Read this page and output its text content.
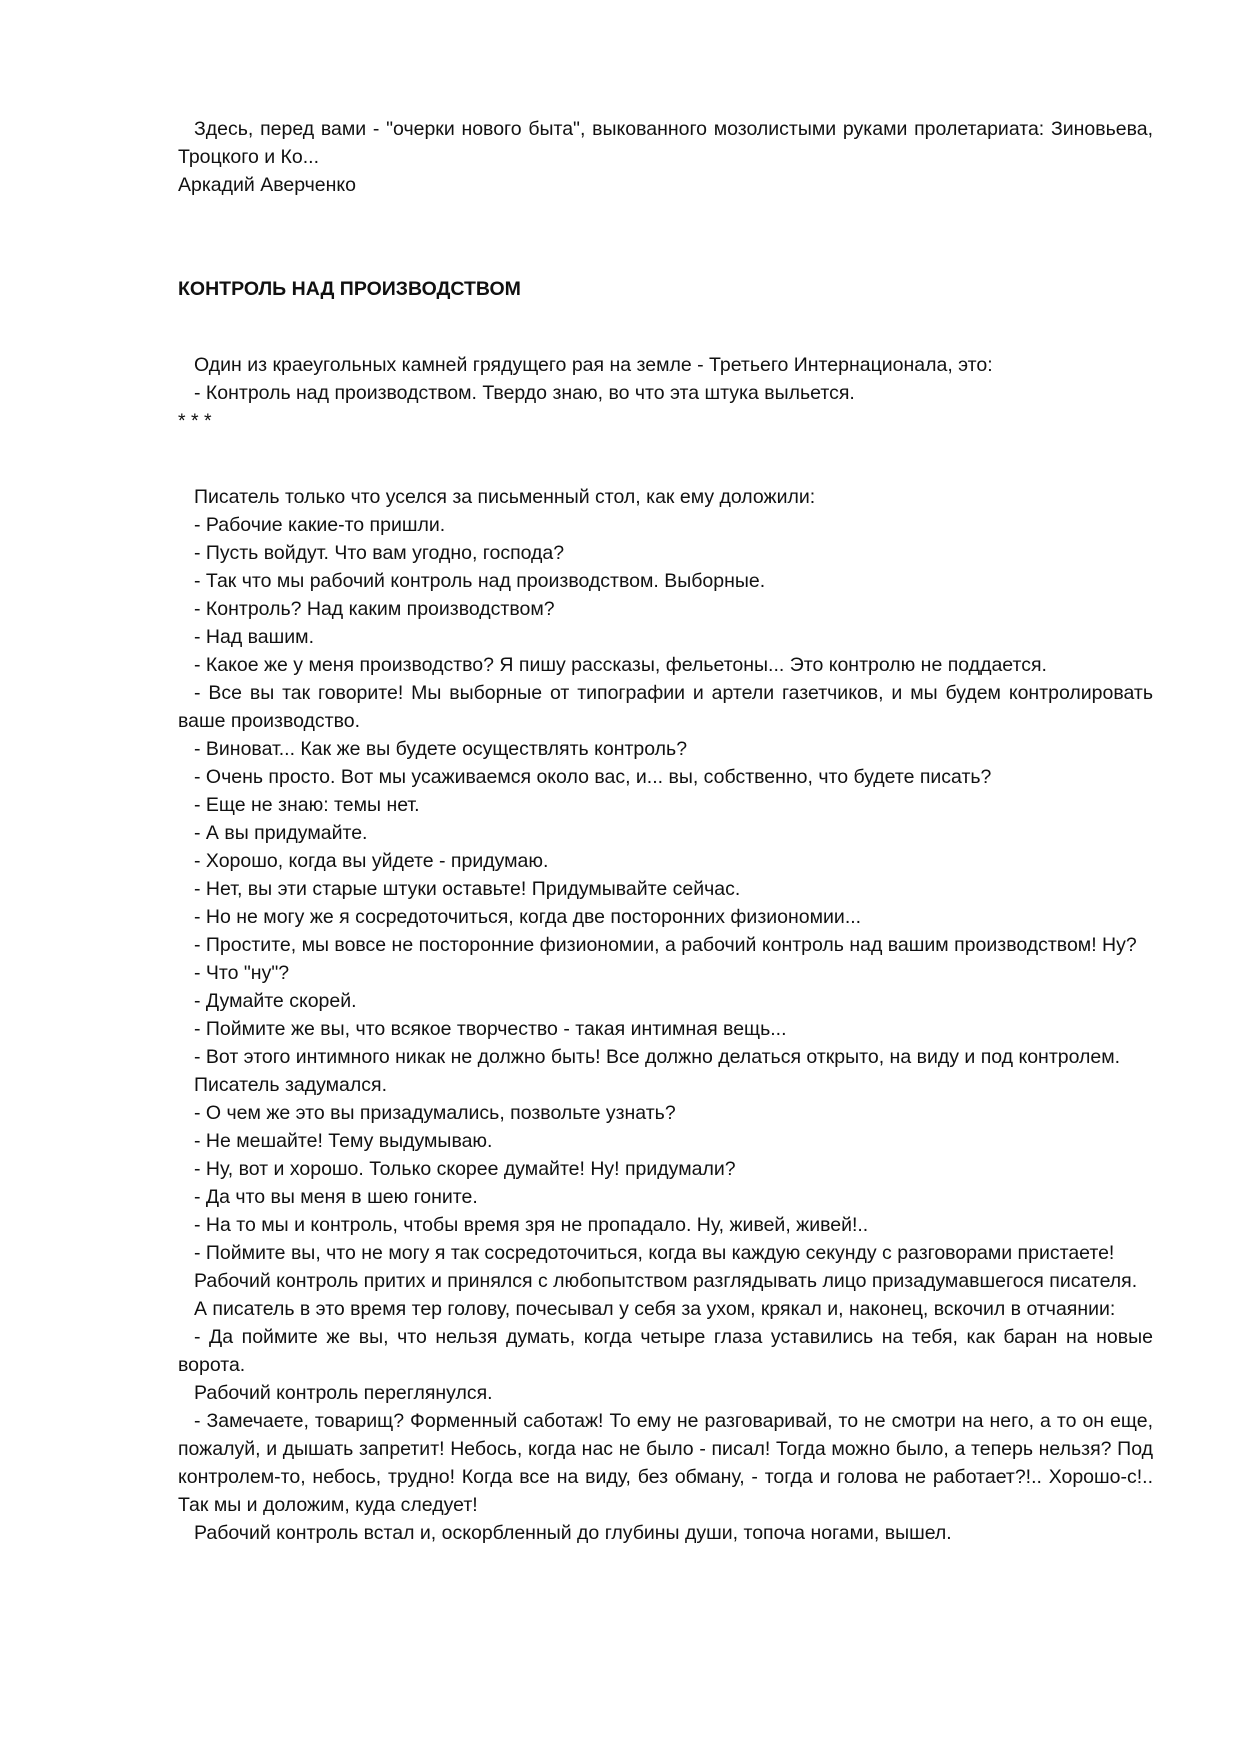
Здесь, перед вами - "очерки нового быта", выкованного мозолистыми руками пролетариата: Зиновьева, Троцкого и Ко...

Аркадий Аверченко

КОНТРОЛЬ НАД ПРОИЗВОДСТВОМ

Один из краеугольных камней грядущего рая на земле - Третьего Интернационала, это:

- Контроль над производством. Твердо знаю, во что эта штука выльется.

* * *

Писатель только что уселся за письменный стол, как ему доложили:

- Рабочие какие-то пришли.

- Пусть войдут. Что вам угодно, господа?

- Так что мы рабочий контроль над производством. Выборные.

- Контроль? Над каким производством?

- Над вашим.

- Какое же у меня производство? Я пишу рассказы, фельетоны... Это контролю не поддается.

- Все вы так говорите! Мы выборные от типографии и артели газетчиков, и мы будем контролировать ваше производство.

- Виноват... Как же вы будете осуществлять контроль?

- Очень просто. Вот мы усаживаемся около вас, и... вы, собственно, что будете писать?

- Еще не знаю: темы нет.

- А вы придумайте.

- Хорошо, когда вы уйдете - придумаю.

- Нет, вы эти старые штуки оставьте! Придумывайте сейчас.

- Но не могу же я сосредоточиться, когда две посторонних физиономии...

- Простите, мы вовсе не посторонние физиономии, а рабочий контроль над вашим производством! Ну?

- Что "ну"?

- Думайте скорей.

- Поймите же вы, что всякое творчество - такая интимная вещь...

- Вот этого интимного никак не должно быть! Все должно делаться открыто, на виду и под контролем.

Писатель задумался.

- О чем же это вы призадумались, позвольте узнать?

- Не мешайте! Тему выдумываю.

- Ну, вот и хорошо. Только скорее думайте! Ну! придумали?

- Да что вы меня в шею гоните.

- На то мы и контроль, чтобы время зря не пропадало. Ну, живей, живей!..

- Поймите вы, что не могу я так сосредоточиться, когда вы каждую секунду с разговорами пристаете!

Рабочий контроль притих и принялся с любопытством разглядывать лицо призадумавшегося писателя.

А писатель в это время тер голову, почесывал у себя за ухом, крякал и, наконец, вскочил в отчаянии:

- Да поймите же вы, что нельзя думать, когда четыре глаза уставились на тебя, как баран на новые ворота.

Рабочий контроль переглянулся.

- Замечаете, товарищ? Форменный саботаж! То ему не разговаривай, то не смотри на него, а то он еще, пожалуй, и дышать запретит! Небось, когда нас не было - писал! Тогда можно было, а теперь нельзя? Под контролем-то, небось, трудно! Когда все на виду, без обману, - тогда и голова не работает?!.. Хорошо-с!.. Так мы и доложим, куда следует!

Рабочий контроль встал и, оскорбленный до глубины души, топоча ногами, вышел.
